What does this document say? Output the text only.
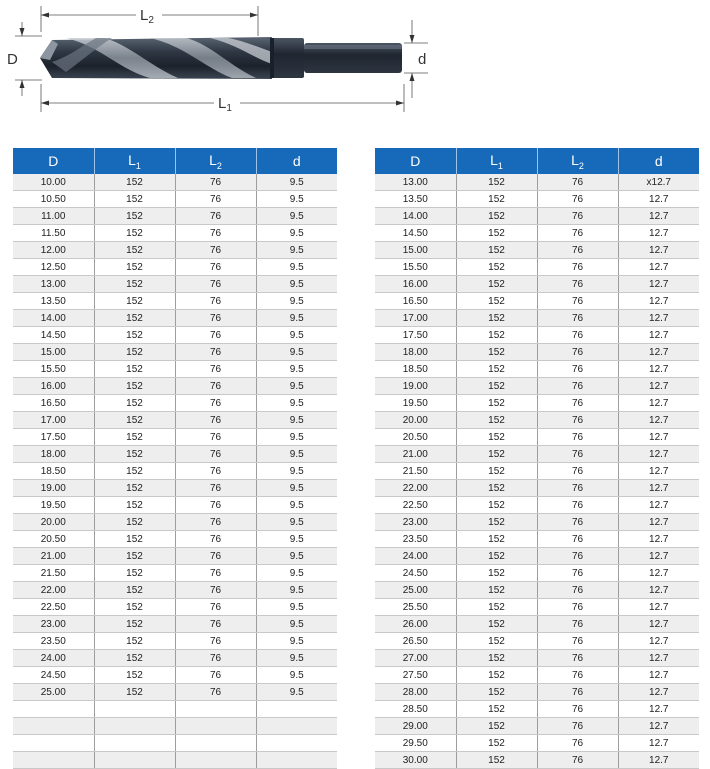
$L_2$
D	d
$L_1$
D	$L_1$	$L_2$	d
10.00	152	76	9.5
10.50	152	76	9.5
11.00	152	76	9.5
11.50	152	76	9.5
12.00	152	76	9.5
12.50	152	76	9.5
13.00	152	76	9.5
13.50	152	76	9.5
14.00	152	76	9.5
14.50	152	76	9.5
15.00	152	76	9.5
15.50	152	76	9.5
16.00	152	76	9.5
16.50	152	76	9.5
17.00	152	76	9.5
17.50	152	76	9.5
18.00	152	76	9.5
18.50	152	76	9.5
19.00	152	76	9.5
19.50	152	76	9.5
20.00	152	76	9.5
20.50	152	76	9.5
21.00	152	76	9.5
21.50	152	76	9.5
22.00	152	76	9.5
22.50	152	76	9.5
23.00	152	76	9.5
23.50	152	76	9.5
24.00	152	76	9.5
24.50	152	76	9.5
25.00	152	76	9.5

D	$L_1$	$L_2$	d
13.00	152	76	x12.7
13.50	152	76	12.7
14.00	152	76	12.7
14.50	152	76	12.7
15.00	152	76	12.7
15.50	152	76	12.7
16.00	152	76	12.7
16.50	152	76	12.7
17.00	152	76	12.7
17.50	152	76	12.7
18.00	152	76	12.7
18.50	152	76	12.7
19.00	152	76	12.7
19.50	152	76	12.7
20.00	152	76	12.7
20.50	152	76	12.7
21.00	152	76	12.7
21.50	152	76	12.7
22.00	152	76	12.7
22.50	152	76	12.7
23.00	152	76	12.7
23.50	152	76	12.7
24.00	152	76	12.7
24.50	152	76	12.7
25.00	152	76	12.7
25.50	152	76	12.7
26.00	152	76	12.7
26.50	152	76	12.7
27.00	152	76	12.7
27.50	152	76	12.7
28.00	152	76	12.7
28.50	152	76	12.7
29.00	152	76	12.7
29.50	152	76	12.7
30.00	152	76	12.7
